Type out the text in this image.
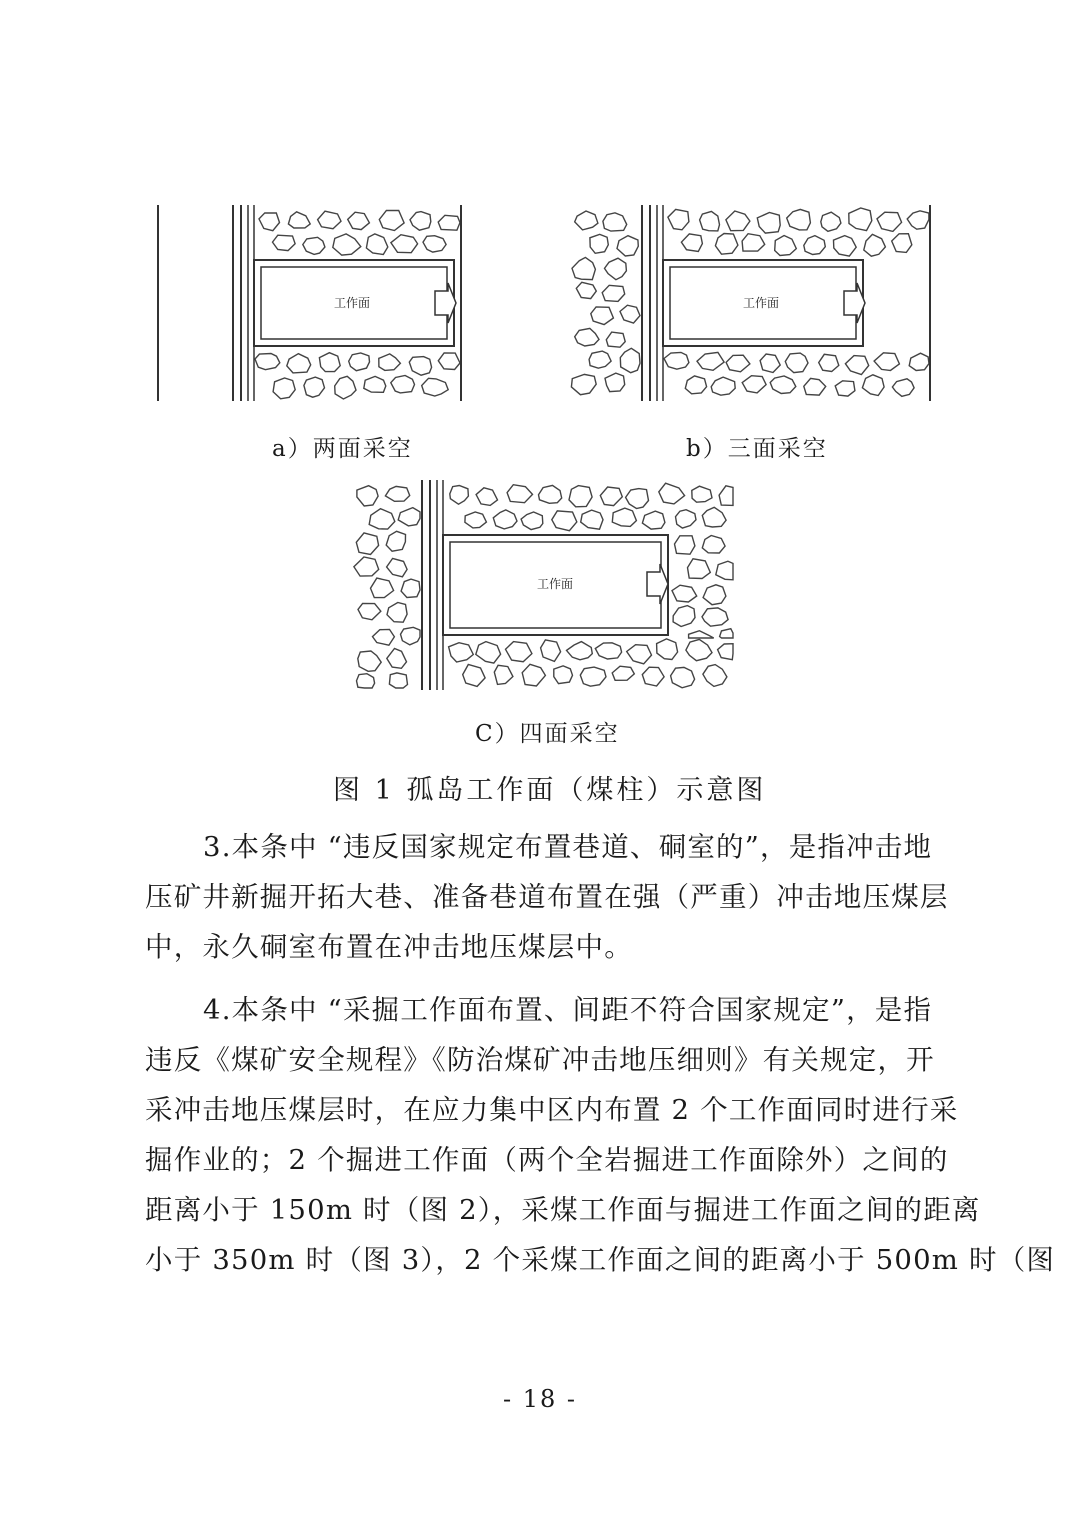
工作面
a）两面采空
工作面
b）三面采空
工作面
C）四面采空
图 1 孤岛工作面（煤柱）示意图
3.本条中 “违反国家规定布置巷道、硐室的”，是指冲击地
压矿井新掘开拓大巷、准备巷道布置在强（严重）冲击地压煤层
中，永久硐室布置在冲击地压煤层中。
4.本条中 “采掘工作面布置、间距不符合国家规定”，是指
违反《煤矿安全规程》《防治煤矿冲击地压细则》有关规定，开
采冲击地压煤层时，在应力集中区内布置 2 个工作面同时进行采
掘作业的；2 个掘进工作面（两个全岩掘进工作面除外）之间的
距离小于 150m 时（图 2），采煤工作面与掘进工作面之间的距离
小于 350m 时（图 3），2 个采煤工作面之间的距离小于 500m 时（图
- 18 -
